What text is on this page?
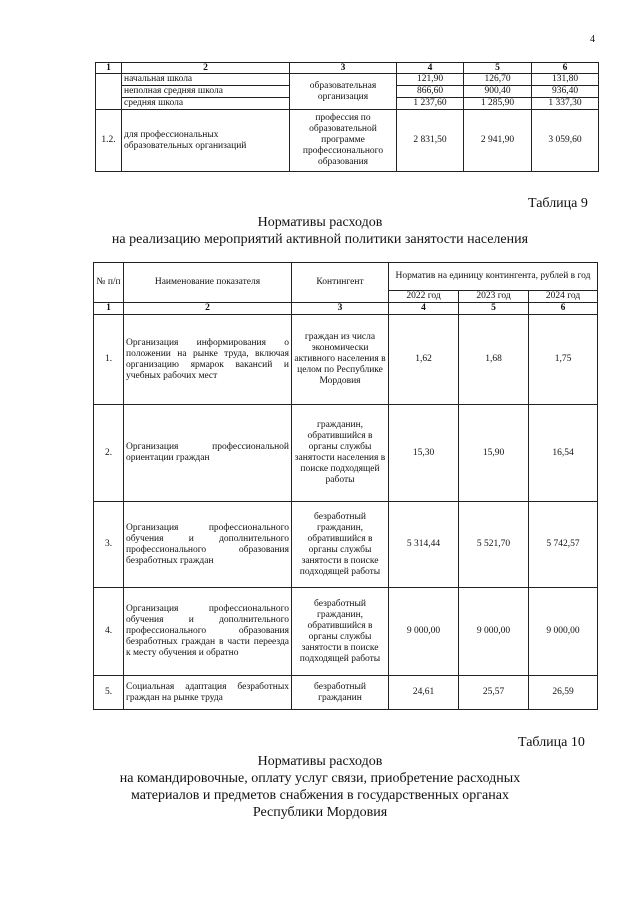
4
1	2	3	4	5	6
	начальная школа	образовательная организация	121,90	126,70	131,80
	неполная средняя школа		866,60	900,40	936,40
	средняя школа		1 237,60	1 285,90	1 337,30
1.2.	для профессиональных образовательных организаций	профессия по образовательной программе профессионального образования	2 831,50	2 941,90	3 059,60
Таблица 9
Нормативы расходов
на реализацию мероприятий активной политики занятости населения
№ п/п	Наименование показателя	Контингент	Норматив на единицу контингента, рублей в год		
			2022 год	2023 год	2024 год
1	2	3	4	5	6
1.	Организация информирования о положении на рынке труда, включая организацию ярмарок вакансий и учебных рабочих мест	граждан из числа экономически активного населения в целом по Республике Мордовия	1,62	1,68	1,75
2.	Организация профессиональной ориентации граждан	гражданин, обратившийся в органы службы занятости населения в поиске подходящей работы	15,30	15,90	16,54
3.	Организация профессионального обучения и дополнительного профессионального образования безработных граждан	безработный гражданин, обратившийся в органы службы занятости в поиске подходящей работы	5 314,44	5 521,70	5 742,57
4.	Организация профессионального обучения и дополнительного профессионального образования безработных граждан в части переезда к месту обучения и обратно	безработный гражданин, обратившийся в органы службы занятости в поиске подходящей работы	9 000,00	9 000,00	9 000,00
5.	Социальная адаптация безработных граждан на рынке труда	безработный гражданин	24,61	25,57	26,59
Таблица 10
Нормативы расходов
на командировочные, оплату услуг связи, приобретение расходных
материалов и предметов снабжения в государственных органах
Республики Мордовия
